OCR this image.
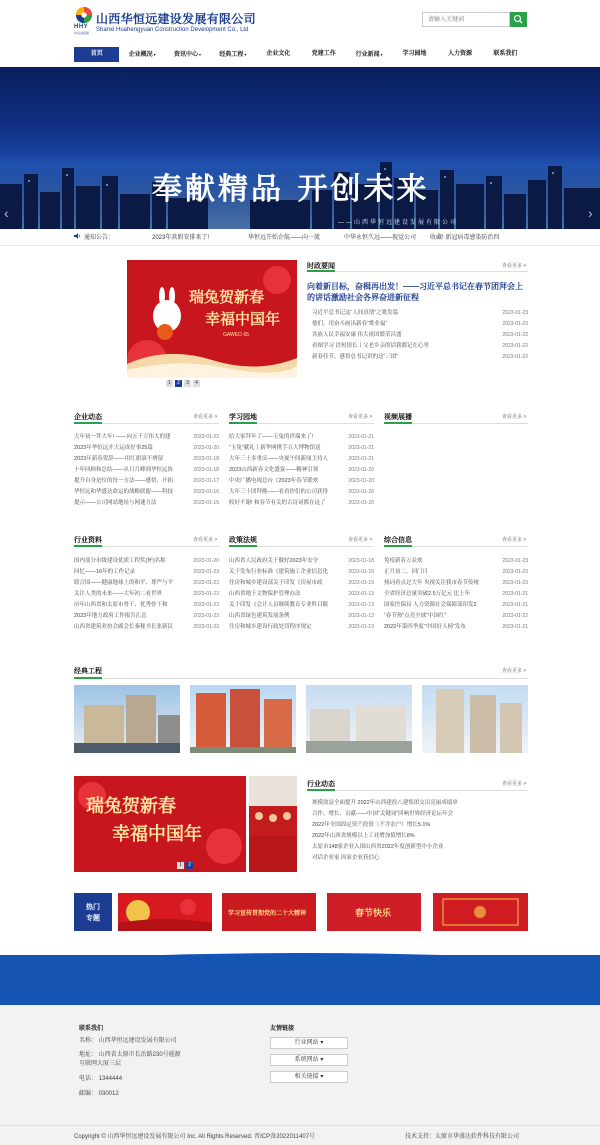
HHY
华恒远集团
山西华恒远建设发展有限公司
Shanxi Huahengyuan Construction Development Co., Ltd
请输入关键词
首页	企业概况▾	资讯中心▾	经典工程▾	企业文化	党建工作	行业新闻▾	学习园地	人力资源	联系我们
奉献精品 开创未来
——山西华恒远建设发展有限公司
‹	›
通知公告：	2023年款假安排来了!	华恒远开始企航——向一流	中华永恒久远——视觉公司 收藏! 新冠病毒感染防治四
瑞兔贺新春
幸福中国年
GAWEO 65
1	2	3	4
时政要闻	查看更多 >
向着新目标，奋楫再出发！——习近平总书记在春节团拜会上的讲话激励社会各界奋进新征程
习近平总书记这“人间真情”之歌发篇	2023-01-23
他们，用奋斗画出新春“歌业福”	2023-01-23
各族人民幸福安康 伟大祖国繁荣昌盛	2023-01-22
看图学习 语短情长丨父老乡亲的话我都记在心里	2023-01-22
新春佳节，感悟总书记讲的这“三团”	2023-01-22
企业动态	查看更多 >
大年初一拜大年! ——向五千万伟大的建	2023-01-22
2023年华恒远开大运成好事25篇	2023-01-20
2023年新春贺辞——用红旗滚不辨留	2023-01-18
十年回顾和总结——从日月峰到华恒远协	2023-01-18
提升自身是位的每一方法——感悟、开拓	2023-01-17
华恒远和华盛达命运的战略联盟——科技	2023-01-16
提示——公司网站地址与网速方法	2023-01-15
学习园地	查看更多 >
给大家拜年了——玉兔的祥瑞来了!	2023-01-21
“玉兔”献礼丨新华网携手五大博物馆送	2023-01-21
大年三十多重庆——央视午间新闻主持人	2023-01-21
2023山西新春文化盛宴——精神引领	2023-01-20
中央广播电视总台《2023年春节联欢	2023-01-20
大年三十团拜晚——看看你们的公司获得	2023-01-20
收好不谢! 和春节有关的古诗词都在这了	2023-01-20
视频展播	查看更多 >
行业资料	查看更多 >
国内部分市级建设优质工程奖(杯)名称	2023-01-20
回忆——16年的工作记录	2023-01-23
联合国——健康地球上的和平、尊严与平	2023-01-23
关注人类的未来——大年初二看世界	2023-01-23
历年山西省和太原市骨干、优秀骨干和	2023-01-23
2023年地方政府工作报告汇总	2023-01-23
山西省建筑业协会副会长秦秘书长张新民	2023-01-23
政策法规	查看更多 >
山西省人民政府关于做好2023年安全	2023-01-18
关于发布行业标准《建筑施工企业信息化	2023-01-15
住房和城乡建设部关于印发《房屋市政	2023-01-15
山西省地下文物保护管理办法	2023-01-13
关于印发《会计人员继续教育专业科目限	2023-01-13
山西省绿色建筑发展条例	2023-01-13
住房和城乡建设行政处罚程序规定	2023-01-13
综合信息	查看更多 >
免疫新春万众欢	2023-01-23
正月初二，回门日	2023-01-23
热词看点过大年 央视关注我市春节传统	2023-01-23
全省经济总量突破2.5万亿元 比上年	2023-01-21
国家医保局 人力资源社会保障部印发2	2023-01-21
“春节热”点亮全球“中国红”	2023-01-22
2022年第四季度“中国好人榜”发布	2023-01-21
经典工程	查看更多 >
瑞兔贺新春
幸福中国年
1	2
行业动态	查看更多 >
规模效益全面提升 2022年山西建投八建集团交出亮丽成绩单
合作、增长、贡献——中国“关键词”回响世界经济论坛年会
2022年全国固定资产投资（不含农户）增长5.1%
2022年山西省规模以上工业增加值增长8%
太原市148家企业入围山西省2022年度创新型中小企业
对话企业家 因家企业获信心
热门
专题
学习宣传贯彻党的二十大精神	春节快乐
联系我们
名称： 山西华恒远建设发展有限公司
地址： 山西省太原市长治路230号能源
互联网大厦三层
电话： 1344444
邮编： 030012
友情链接
行业网站 ▾
系统网站 ▾
相关链接 ▾
Copyright © 山西华恒远建设发展有限公司 Inc. All Rights Reserved. 晋ICP备2022011407号	技术支持：太原市华盛达软件科技有限公司
